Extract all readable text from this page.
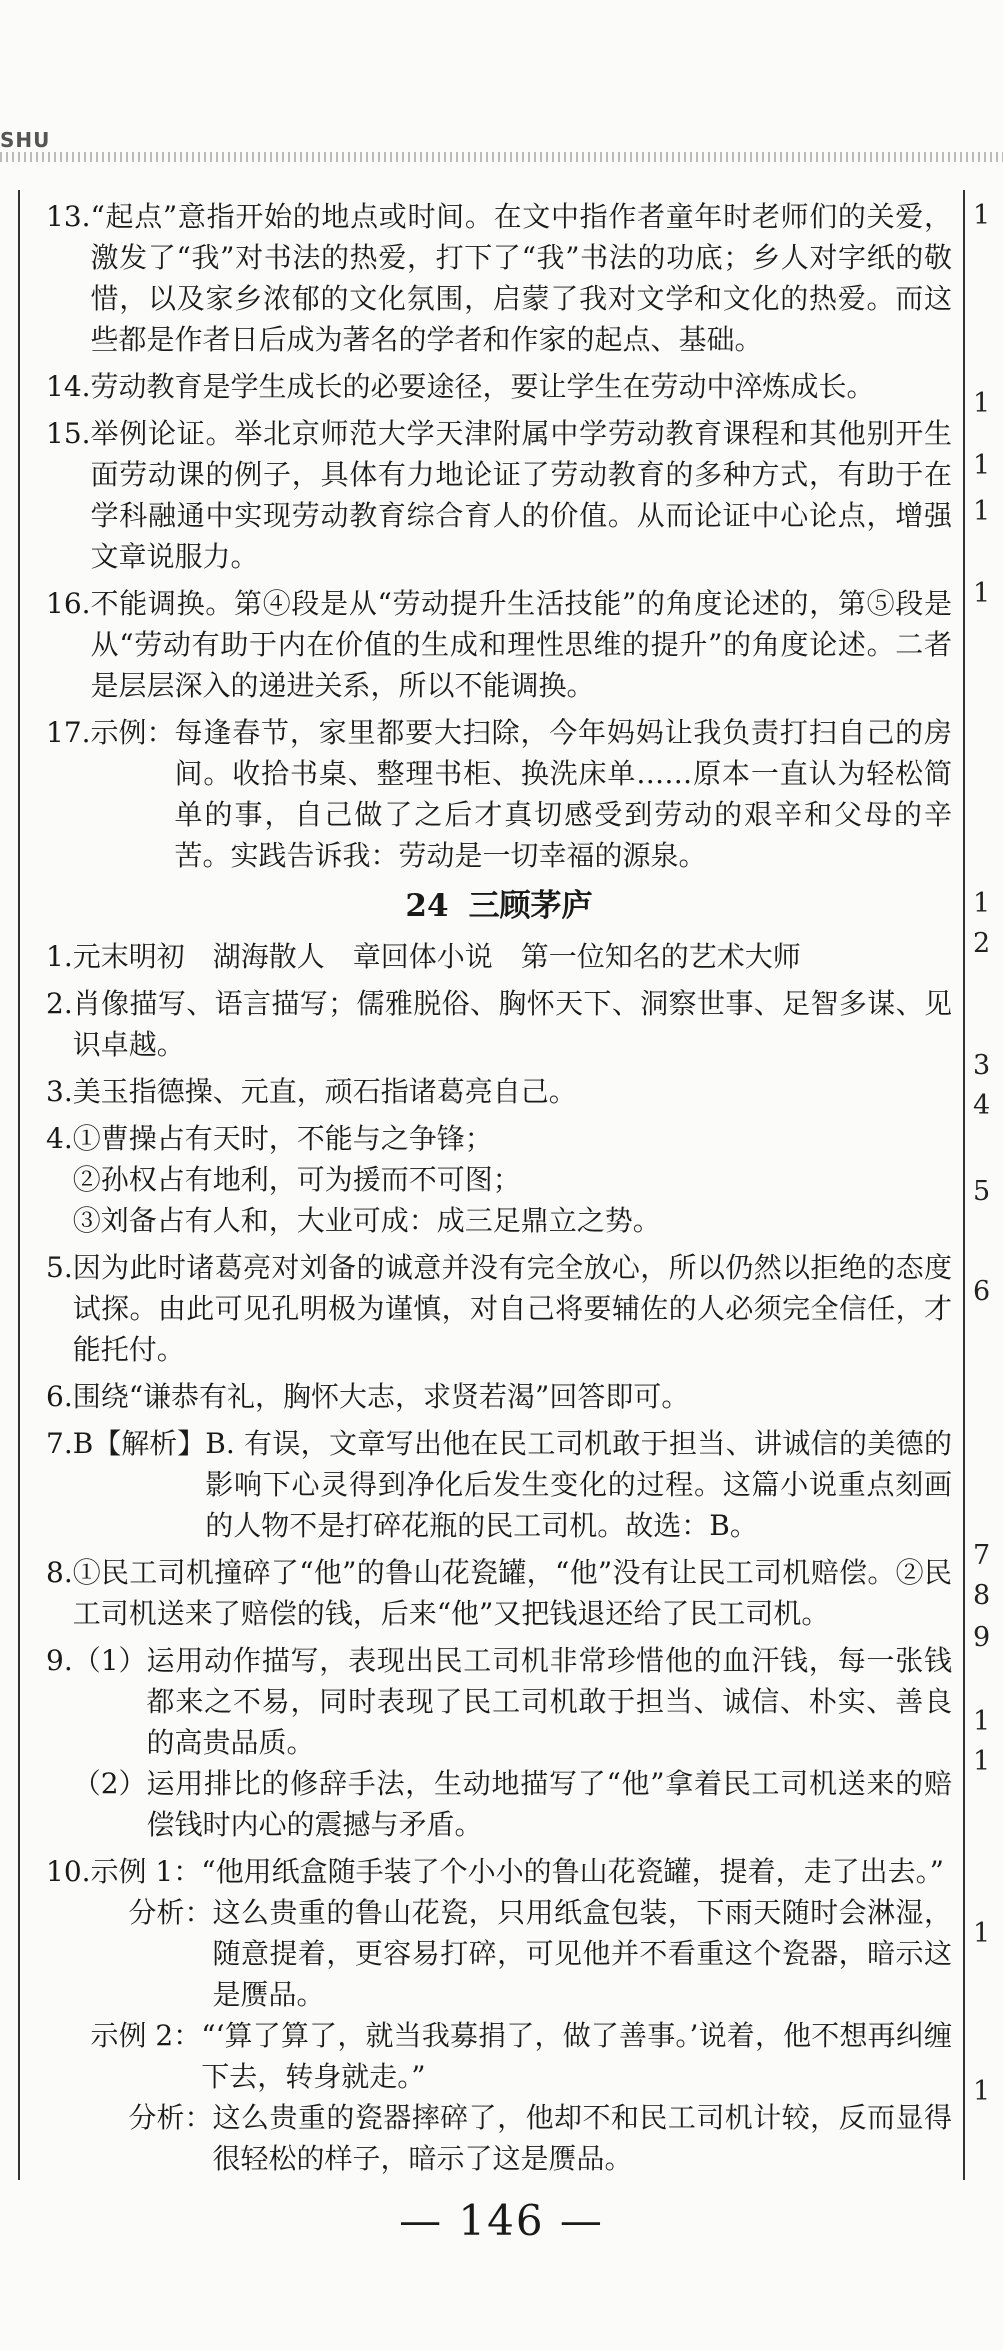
SHU
1
1
1
1
1
1
2
3
4
5
6
7
8
9
1
1
1
1
13. “起点”意指开始的地点或时间。在文中指作者童年时老师们的关爱，激发了“我”对书法的热爱，打下了“我”书法的功底；乡人对字纸的敬惜，以及家乡浓郁的文化氛围，启蒙了我对文学和文化的热爱。而这些都是作者日后成为著名的学者和作家的起点、基础。
14. 劳动教育是学生成长的必要途径，要让学生在劳动中淬炼成长。
15. 举例论证。举北京师范大学天津附属中学劳动教育课程和其他别开生面劳动课的例子，具体有力地论证了劳动教育的多种方式，有助于在学科融通中实现劳动教育综合育人的价值。从而论证中心论点，增强文章说服力。
16. 不能调换。第④段是从“劳动提升生活技能”的角度论述的，第⑤段是从“劳动有助于内在价值的生成和理性思维的提升”的角度论述。二者是层层深入的递进关系，所以不能调换。
17. 示例： 每逢春节，家里都要大扫除，今年妈妈让我负责打扫自己的房间。收拾书桌、整理书柜、换洗床单……原本一直认为轻松简单的事，自己做了之后才真切感受到劳动的艰辛和父母的辛苦。实践告诉我：劳动是一切幸福的源泉。
24 三顾茅庐
1. 元末明初　湖海散人　章回体小说　第一位知名的艺术大师
2. 肖像描写、语言描写；儒雅脱俗、胸怀天下、洞察世事、足智多谋、见识卓越。
3. 美玉指德操、元直，顽石指诸葛亮自己。
4. ①曹操占有天时，不能与之争锋；
②孙权占有地利，可为援而不可图；
③刘备占有人和，大业可成：成三足鼎立之势。
5. 因为此时诸葛亮对刘备的诚意并没有完全放心，所以仍然以拒绝的态度试探。由此可见孔明极为谨慎，对自己将要辅佐的人必须完全信任，才能托付。
6. 围绕“谦恭有礼，胸怀大志，求贤若渴”回答即可。
7. B【解析】 B. 有误，文章写出他在民工司机敢于担当、讲诚信的美德的影响下心灵得到净化后发生变化的过程。这篇小说重点刻画的人物不是打碎花瓶的民工司机。故选：B。
8. ①民工司机撞碎了“他”的鲁山花瓷罐，“他”没有让民工司机赔偿。②民工司机送来了赔偿的钱，后来“他”又把钱退还给了民工司机。
9. （1） 运用动作描写，表现出民工司机非常珍惜他的血汗钱，每一张钱都来之不易，同时表现了民工司机敢于担当、诚信、朴实、善良的高贵品质。
（2） 运用排比的修辞手法，生动地描写了“他”拿着民工司机送来的赔偿钱时内心的震撼与矛盾。
10. 示例 1： “他用纸盒随手装了个小小的鲁山花瓷罐，提着，走了出去。”
分析： 这么贵重的鲁山花瓷，只用纸盒包装，下雨天随时会淋湿，随意提着，更容易打碎，可见他并不看重这个瓷器，暗示这是赝品。
示例 2： “‘算了算了，就当我募捐了，做了善事。’说着，他不想再纠缠下去，转身就走。”
分析： 这么贵重的瓷器摔碎了，他却不和民工司机计较，反而显得很轻松的样子，暗示了这是赝品。
— 146 —
